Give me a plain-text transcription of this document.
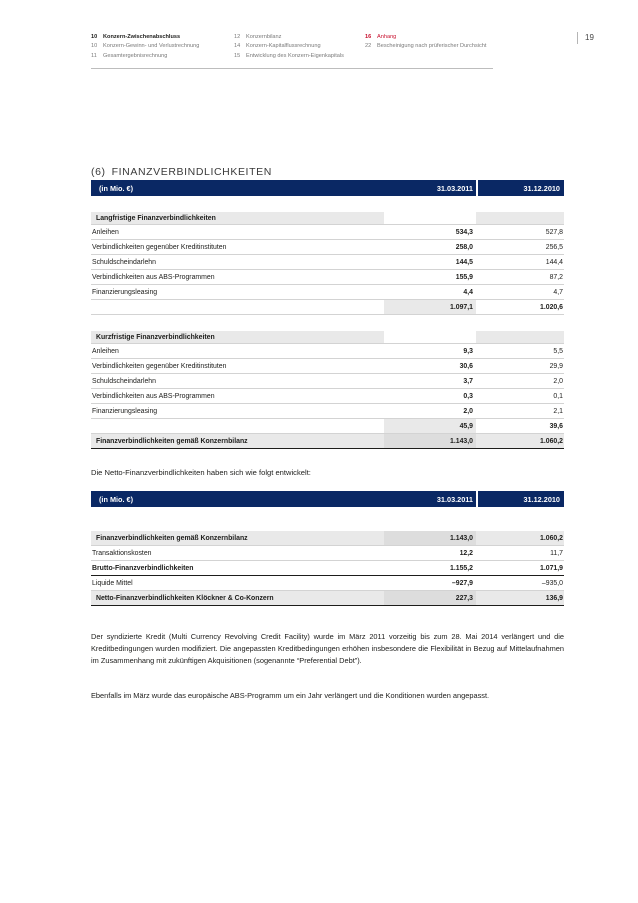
10	Konzern-Zwischenabschluss
10	Konzern-Gewinn- und Verlustrechnung
11	Gesamtergebnisrechnung
12	Konzernbilanz
14	Konzern-Kapitalflussrechnung
15	Entwicklung des Konzern-Eigenkapitals
16	Anhang
22	Bescheinigung nach prüferischer Durchsicht
19
(6) FINANZVERBINDLICHKEITEN
(in Mio. €)	31.03.2011	31.12.2010
Langfristige Finanzverbindlichkeiten
Anleihen	534,3	527,8
Verbindlichkeiten gegenüber Kreditinstituten	258,0	256,5
Schuldscheindarlehn	144,5	144,4
Verbindlichkeiten aus ABS-Programmen	155,9	87,2
Finanzierungsleasing	4,4	4,7
1.097,1	1.020,6
Kurzfristige Finanzverbindlichkeiten
Anleihen	9,3	5,5
Verbindlichkeiten gegenüber Kreditinstituten	30,6	29,9
Schuldscheindarlehn	3,7	2,0
Verbindlichkeiten aus ABS-Programmen	0,3	0,1
Finanzierungsleasing	2,0	2,1
45,9	39,6
Finanzverbindlichkeiten gemäß Konzernbilanz	1.143,0	1.060,2
Die Netto-Finanzverbindlichkeiten haben sich wie folgt entwickelt:
(in Mio. €)	31.03.2011	31.12.2010
Finanzverbindlichkeiten gemäß Konzernbilanz	1.143,0	1.060,2
Transaktionskosten	12,2	11,7
Brutto-Finanzverbindlichkeiten	1.155,2	1.071,9
Liquide Mittel	–927,9	–935,0
Netto-Finanzverbindlichkeiten Klöckner & Co-Konzern	227,3	136,9
Der syndizierte Kredit (Multi Currency Revolving Credit Facility) wurde im März 2011 vorzeitig bis zum 28. Mai 2014 verlängert und die Kreditbedingungen wurden modifiziert. Die angepassten Kreditbedingungen erhöhen insbesondere die Flexibilität in Bezug auf Mittelaufnahmen im Zusammenhang mit zukünftigen Akquisitionen (sogenannte “Preferential Debt”).
Ebenfalls im März wurde das europäische ABS-Programm um ein Jahr verlängert und die Konditionen wurden angepasst.
